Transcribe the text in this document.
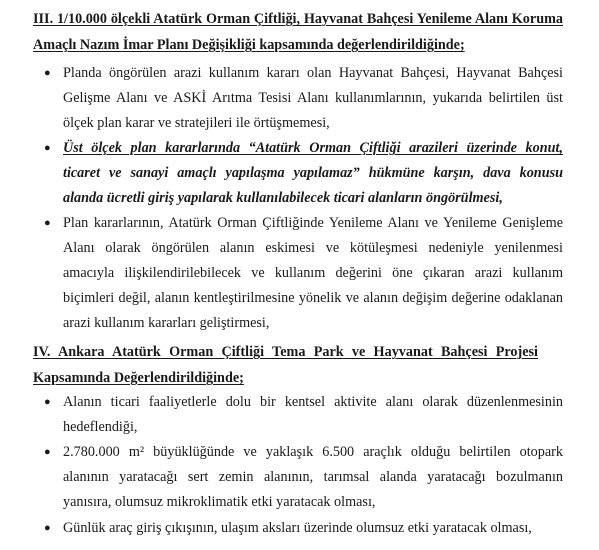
III. 1/10.000 ölçekli Atatürk Orman Çiftliği, Hayvanat Bahçesi Yenileme Alanı Koruma
Amaçlı Nazım İmar Planı Değişikliği kapsamında değerlendirildiğinde;
● Planda öngörülen arazi kullanım kararı olan Hayvanat Bahçesi, Hayvanat Bahçesi
Gelişme Alanı ve ASKİ Arıtma Tesisi Alanı kullanımlarının, yukarıda belirtilen üst
ölçek plan karar ve stratejileri ile örtüşmemesi,
● Üst ölçek plan kararlarında “Atatürk Orman Çiftliği arazileri üzerinde konut,
ticaret ve sanayi amaçlı yapılaşma yapılamaz” hükmüne karşın, dava konusu
alanda ücretli giriş yapılarak kullanılabilecek ticari alanların öngörülmesi,
● Plan kararlarının, Atatürk Orman Çiftliğinde Yenileme Alanı ve Yenileme Genişleme
Alanı olarak öngörülen alanın eskimesi ve kötüleşmesi nedeniyle yenilenmesi
amacıyla ilişkilendirilebilecek ve kullanım değerini öne çıkaran arazi kullanım
biçimleri değil, alanın kentleştirilmesine yönelik ve alanın değişim değerine odaklanan
arazi kullanım kararları geliştirmesi,
IV. Ankara Atatürk Orman Çiftliği Tema Park ve Hayvanat Bahçesi Projesi
Kapsamında Değerlendirildiğinde;
● Alanın ticari faaliyetlerle dolu bir kentsel aktivite alanı olarak düzenlenmesinin
hedeflendiği,
● 2.780.000 m² büyüklüğünde ve yaklaşık 6.500 araçlık olduğu belirtilen otopark
alanının yaratacağı sert zemin alanının, tarımsal alanda yaratacağı bozulmanın
yanısıra, olumsuz mikroklimatik etki yaratacak olması,
● Günlük araç giriş çıkışının, ulaşım aksları üzerinde olumsuz etki yaratacak olması,
